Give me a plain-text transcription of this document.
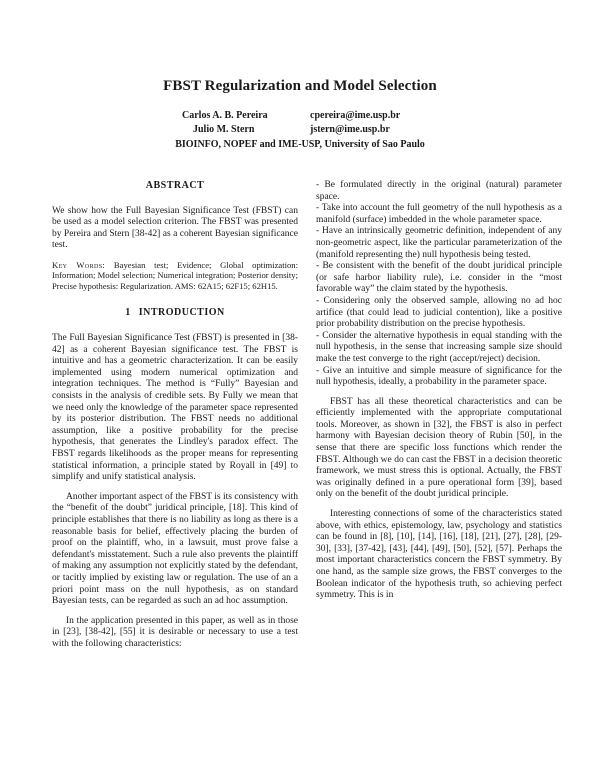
FBST Regularization and Model Selection
Carlos A. B. Pereira	cpereira@ime.usp.br
Julio M. Stern	jstern@ime.usp.br
BIOINFO, NOPEF and IME-USP, University of Sao Paulo
ABSTRACT

We show how the Full Bayesian Significance Test (FBST) can be used as a model selection criterion. The FBST was presented by Pereira and Stern [38-42] as a coherent Bayesian significance test.

Key Words: Bayesian test; Evidence; Global optimization: Information; Model selection; Numerical integration; Posterior density; Precise hypothesis: Regularization. AMS: 62A15; 62F15; 62H15.

1 INTRODUCTION

The Full Bayesian Significance Test (FBST) is presented in [38-42] as a coherent Bayesian significance test. The FBST is intuitive and has a geometric characterization. It can be easily implemented using modern numerical optimization and integration techniques. The method is “Fully” Bayesian and consists in the analysis of credible sets. By Fully we mean that we need only the knowledge of the parameter space represented by its posterior distribution. The FBST needs no additional assumption, like a positive probability for the precise hypothesis, that generates the Lindley's paradox effect. The FBST regards likelihoods as the proper means for representing statistical information, a principle stated by Royall in [49] to simplify and unify statistical analysis.

Another important aspect of the FBST is its consistency with the “benefit of the doubt” juridical principle, [18]. This kind of principle establishes that there is no liability as long as there is a reasonable basis for belief, effectively placing the burden of proof on the plaintiff, who, in a lawsuit, must prove false a defendant's misstatement. Such a rule also prevents the plaintiff of making any assumption not explicitly stated by the defendant, or tacitly implied by existing law or regulation. The use of an a priori point mass on the null hypothesis, as on standard Bayesian tests, can be regarded as such an ad hoc assumption.

In the application presented in this paper, as well as in those in [23], [38-42], [55] it is desirable or necessary to use a test with the following characteristics:

- Be formulated directly in the original (natural) parameter space.

- Take into account the full geometry of the null hypothesis as a manifold (surface) imbedded in the whole parameter space.

- Have an intrinsically geometric definition, independent of any non-geometric aspect, like the particular parameterization of the (manifold representing the) null hypothesis being tested.

- Be consistent with the benefit of the doubt juridical principle (or safe harbor liability rule), i.e. consider in the “most favorable way” the claim stated by the hypothesis.

- Considering only the observed sample, allowing no ad hoc artifice (that could lead to judicial contention), like a positive prior probability distribution on the precise hypothesis.

- Consider the alternative hypothesis in equal standing with the null hypothesis, in the sense that increasing sample size should make the test converge to the right (accept/reject) decision.

- Give an intuitive and simple measure of significance for the null hypothesis, ideally, a probability in the parameter space.

FBST has all these theoretical characteristics and can be efficiently implemented with the appropriate computational tools. Moreover, as shown in [32], the FBST is also in perfect harmony with Bayesian decision theory of Rubin [50], in the sense that there are specific loss functions which render the FBST. Although we do can cast the FBST in a decision theoretic framework, we must stress this is optional. Actually, the FBST was originally defined in a pure operational form [39], based only on the benefit of the doubt juridical principle.

Interesting connections of some of the characteristics stated above, with ethics, epistemology, law, psychology and statistics can be found in [8], [10], [14], [16], [18], [21], [27], [28], [29-30], [33], [37-42], [43], [44], [49], [50], [52], [57]. Perhaps the most important characteristics concern the FBST symmetry. By one hand, as the sample size grows, the FBST converges to the Boolean indicator of the hypothesis truth, so achieving perfect symmetry. This is in
